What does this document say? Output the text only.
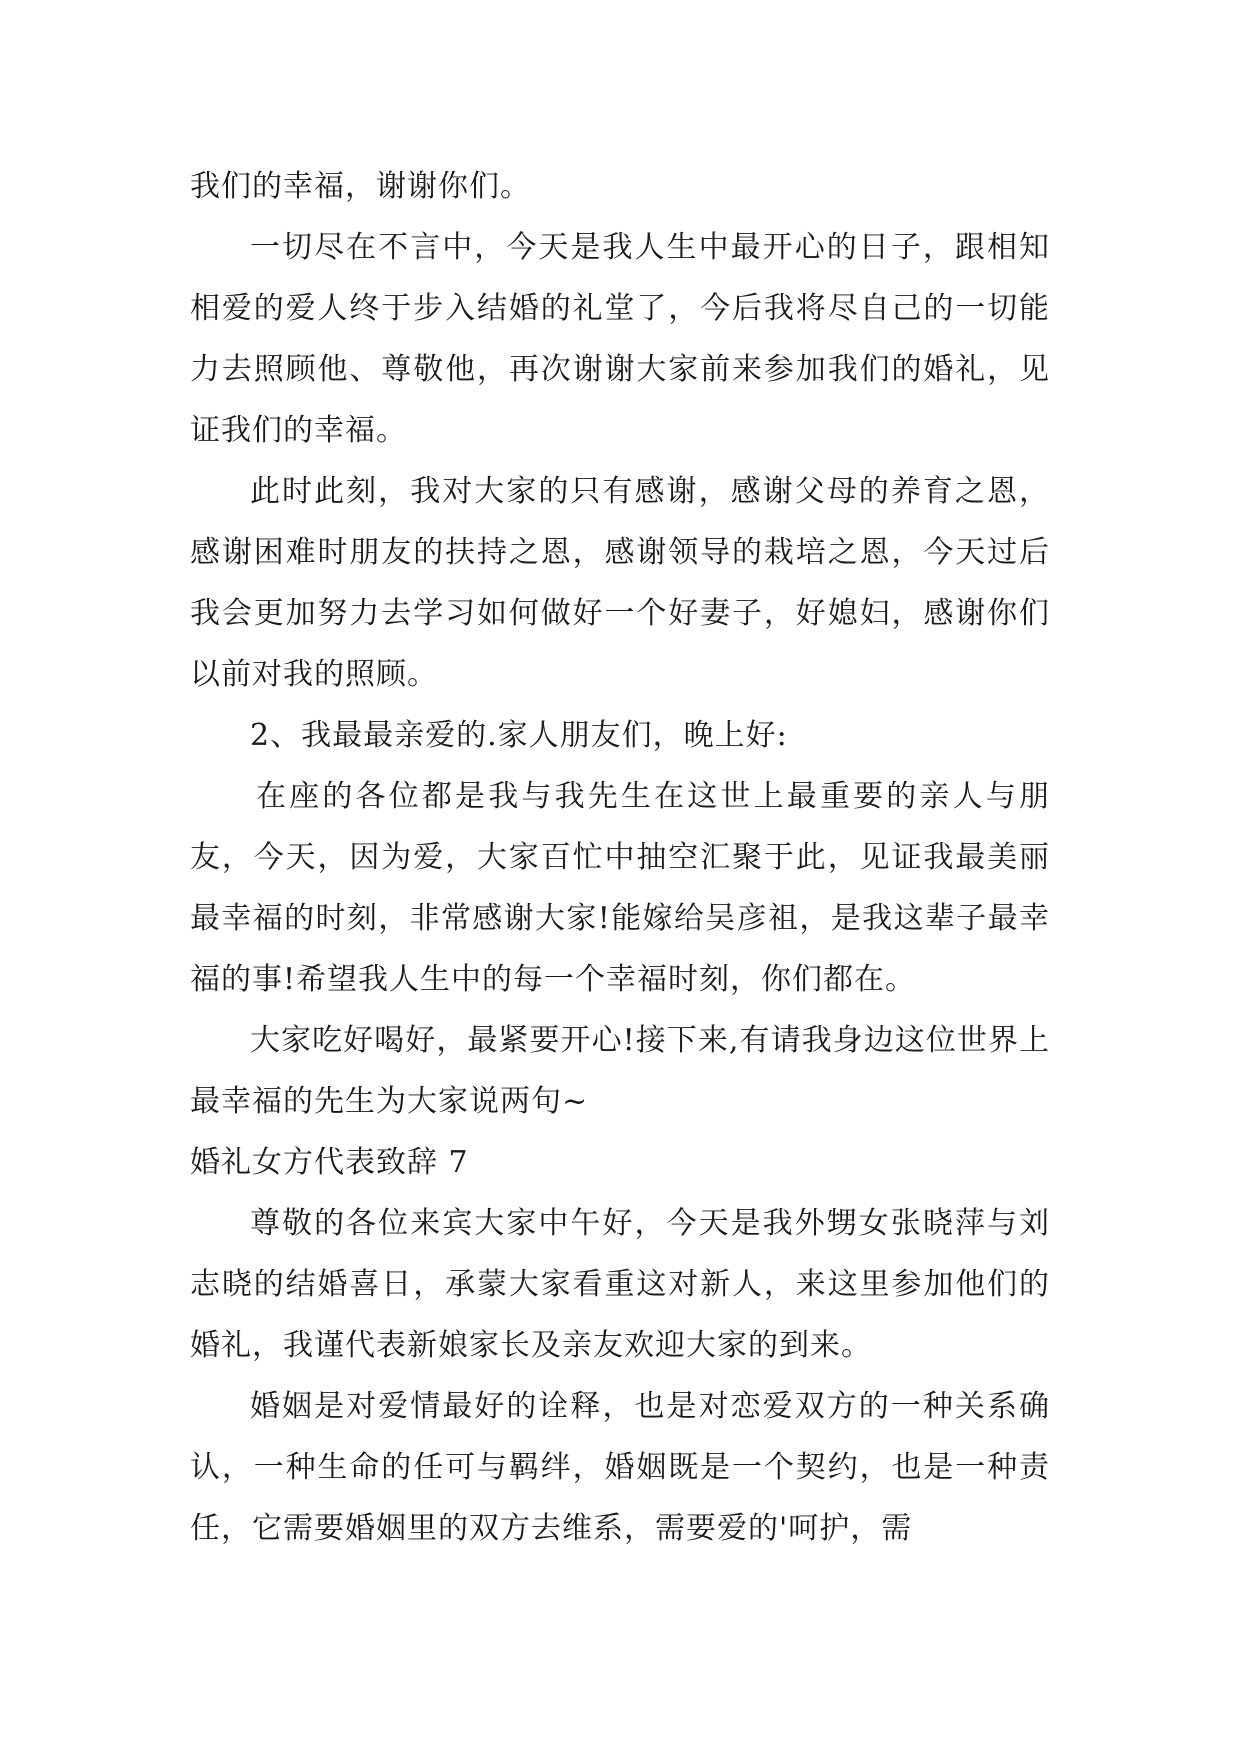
我们的幸福，谢谢你们。

一切尽在不言中，今天是我人生中最开心的日子，跟相知相爱的爱人终于步入结婚的礼堂了，今后我将尽自己的一切能力去照顾他、尊敬他，再次谢谢大家前来参加我们的婚礼，见证我们的幸福。

此时此刻，我对大家的只有感谢，感谢父母的养育之恩，感谢困难时朋友的扶持之恩，感谢领导的栽培之恩，今天过后我会更加努力去学习如何做好一个好妻子，好媳妇，感谢你们以前对我的照顾。

2、我最最亲爱的.家人朋友们，晚上好:

在座的各位都是我与我先生在这世上最重要的亲人与朋友，今天，因为爱，大家百忙中抽空汇聚于此，见证我最美丽最幸福的时刻，非常感谢大家!能嫁给吴彦祖，是我这辈子最幸福的事!希望我人生中的每一个幸福时刻，你们都在。

大家吃好喝好，最紧要开心!接下来,有请我身边这位世界上最幸福的先生为大家说两句~

婚礼女方代表致辞 7

尊敬的各位来宾大家中午好，今天是我外甥女张晓萍与刘志晓的结婚喜日，承蒙大家看重这对新人，来这里参加他们的婚礼，我谨代表新娘家长及亲友欢迎大家的到来。

婚姻是对爱情最好的诠释，也是对恋爱双方的一种关系确认，一种生命的任可与羁绊，婚姻既是一个契约，也是一种责任，它需要婚姻里的双方去维系，需要爱的'呵护，需
